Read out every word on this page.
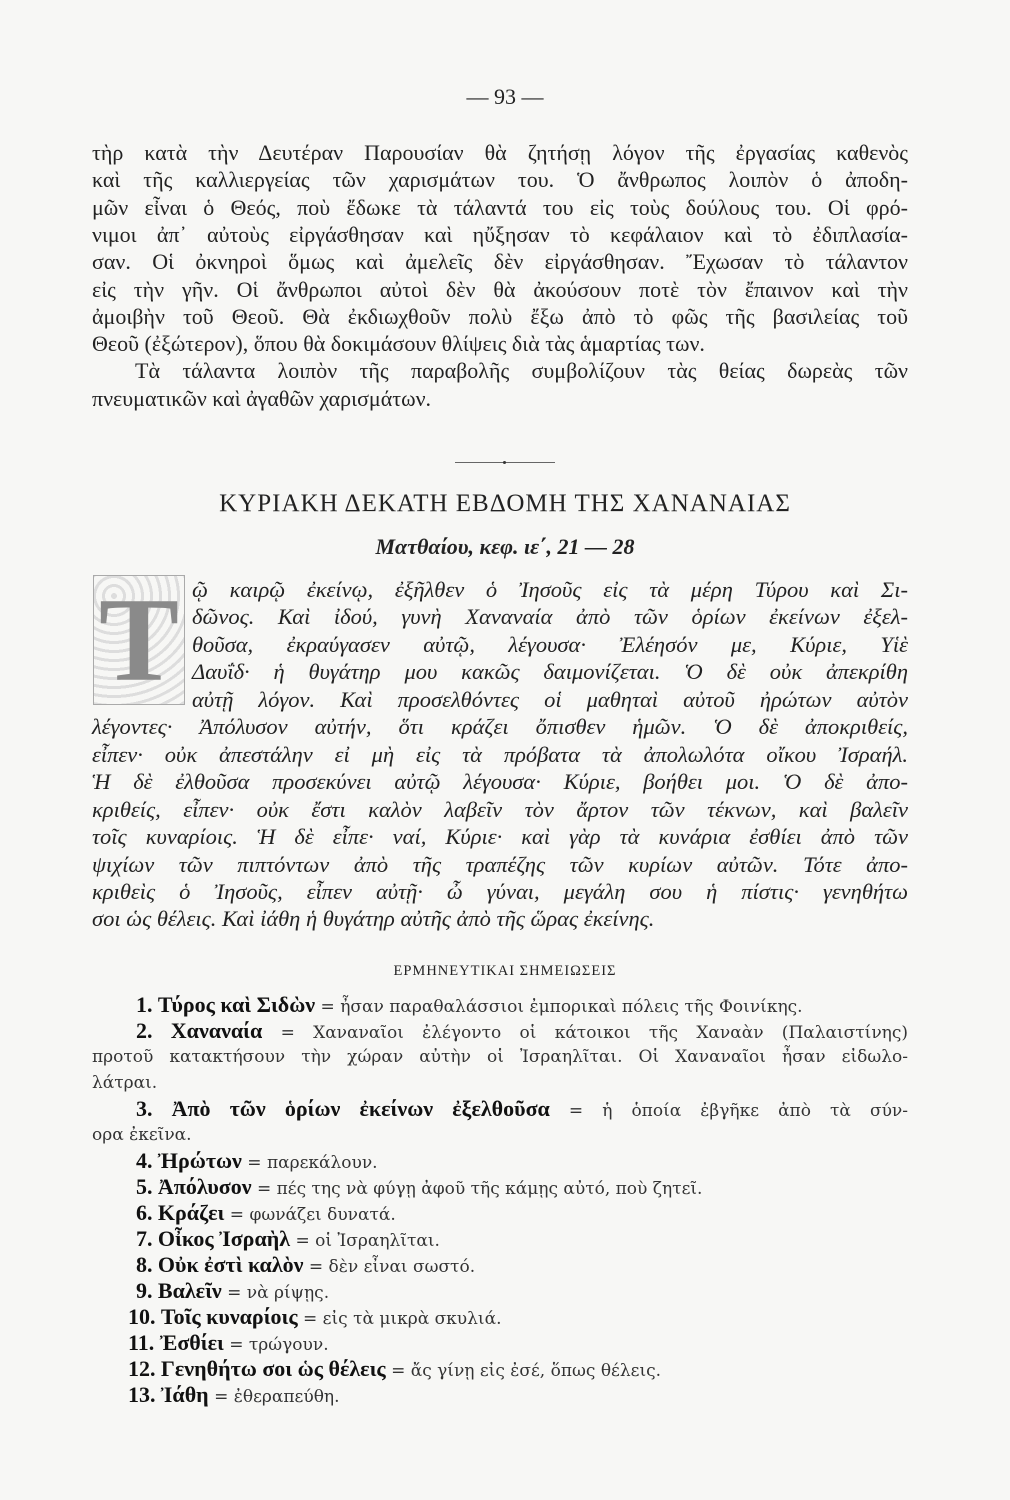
— 93 —
τὴρ κατὰ τὴν Δευτέραν Παρουσίαν θὰ ζητήσῃ λόγον τῆς ἐργασίας καθενὸς
καὶ τῆς καλλιεργείας τῶν χαρισμάτων του. Ὁ ἄνθρωπος λοιπὸν ὁ ἀποδη-
μῶν εἶναι ὁ Θεός, ποὺ ἔδωκε τὰ τάλαντά του εἰς τοὺς δούλους του. Οἱ φρό-
νιμοι ἀπ᾽ αὐτοὺς εἰργάσθησαν καὶ ηὔξησαν τὸ κεφάλαιον καὶ τὸ ἐδιπλασία-
σαν. Οἱ ὀκνηροὶ ὅμως καὶ ἀμελεῖς δὲν εἰργάσθησαν. Ἔχωσαν τὸ τάλαντον
εἰς τὴν γῆν. Οἱ ἄνθρωποι αὐτοὶ δὲν θὰ ἀκούσουν ποτὲ τὸν ἔπαινον καὶ τὴν
ἀμοιβὴν τοῦ Θεοῦ. Θὰ ἐκδιωχθοῦν πολὺ ἔξω ἀπὸ τὸ φῶς τῆς βασιλείας τοῦ
Θεοῦ (ἐξώτερον), ὅπου θὰ δοκιμάσουν θλίψεις διὰ τὰς ἁμαρτίας των.
Τὰ τάλαντα λοιπὸν τῆς παραβολῆς συμβολίζουν τὰς θείας δωρεὰς τῶν
πνευματικῶν καὶ ἀγαθῶν χαρισμάτων.
ΚΥΡΙΑΚΗ ΔΕΚΑΤΗ ΕΒΔΟΜΗ ΤΗΣ ΧΑΝΑΝΑΙΑΣ
Ματθαίου, κεφ. ιε΄, 21 — 28
Τ ῷ καιρῷ ἐκείνῳ, ἐξῆλθεν ὁ Ἰησοῦς εἰς τὰ μέρη Τύρου καὶ Σι-
δῶνος. Καὶ ἰδού, γυνὴ Χαναναία ἀπὸ τῶν ὁρίων ἐκείνων ἐξελ-
θοῦσα, ἐκραύγασεν αὐτῷ, λέγουσα· Ἐλέησόν με, Κύριε, Υἱὲ
Δαυΐδ· ἡ θυγάτηρ μου κακῶς δαιμονίζεται. Ὁ δὲ οὐκ ἀπεκρίθη
αὐτῇ λόγον. Καὶ προσελθόντες οἱ μαθηταὶ αὐτοῦ ἠρώτων αὐτὸν
λέγοντες· Ἀπόλυσον αὐτήν, ὅτι κράζει ὄπισθεν ἡμῶν. Ὁ δὲ ἀποκριθείς,
εἶπεν· οὐκ ἀπεστάλην εἰ μὴ εἰς τὰ πρόβατα τὰ ἀπολωλότα οἴκου Ἰσραήλ.
Ἡ δὲ ἐλθοῦσα προσεκύνει αὐτῷ λέγουσα· Κύριε, βοήθει μοι. Ὁ δὲ ἀπο-
κριθείς, εἶπεν· οὐκ ἔστι καλὸν λαβεῖν τὸν ἄρτον τῶν τέκνων, καὶ βαλεῖν
τοῖς κυναρίοις. Ἡ δὲ εἶπε· ναί, Κύριε· καὶ γὰρ τὰ κυνάρια ἐσθίει ἀπὸ τῶν
ψιχίων τῶν πιπτόντων ἀπὸ τῆς τραπέζης τῶν κυρίων αὐτῶν. Τότε ἀπο-
κριθεὶς ὁ Ἰησοῦς, εἶπεν αὐτῇ· ὦ γύναι, μεγάλη σου ἡ πίστις· γενηθήτω
σοι ὡς θέλεις. Καὶ ἰάθη ἡ θυγάτηρ αὐτῆς ἀπὸ τῆς ὥρας ἐκείνης.
ΕΡΜΗΝΕΥΤΙΚΑΙ ΣΗΜΕΙΩΣΕΙΣ
1. Τύρος καὶ Σιδὼν = ἦσαν παραθαλάσσιοι ἐμπορικαὶ πόλεις τῆς Φοινίκης.
2. Χαναναία = Χαναναῖοι ἐλέγοντο οἱ κάτοικοι τῆς Χαναὰν (Παλαιστίνης)
προτοῦ κατακτήσουν τὴν χώραν αὐτὴν οἱ Ἰσραηλῖται. Οἱ Χαναναῖοι ἦσαν εἰδωλο-
λάτραι.
3. Ἀπὸ τῶν ὁρίων ἐκείνων ἐξελθοῦσα = ἡ ὁποία ἐβγῆκε ἀπὸ τὰ σύν-
ορα ἐκεῖνα.
4. Ἠρώτων = παρεκάλουν.
5. Ἀπόλυσον = πές της νὰ φύγῃ ἀφοῦ τῆς κάμῃς αὐτό, ποὺ ζητεῖ.
6. Κράζει = φωνάζει δυνατά.
7. Οἶκος Ἰσραὴλ = οἱ Ἰσραηλῖται.
8. Οὐκ ἐστὶ καλὸν = δὲν εἶναι σωστό.
9. Βαλεῖν = νὰ ρίψῃς.
10. Τοῖς κυναρίοις = εἰς τὰ μικρὰ σκυλιά.
11. Ἐσθίει = τρώγουν.
12. Γενηθήτω σοι ὡς θέλεις = ἄς γίνῃ εἰς ἐσέ, ὅπως θέλεις.
13. Ἰάθη = ἐθεραπεύθη.
